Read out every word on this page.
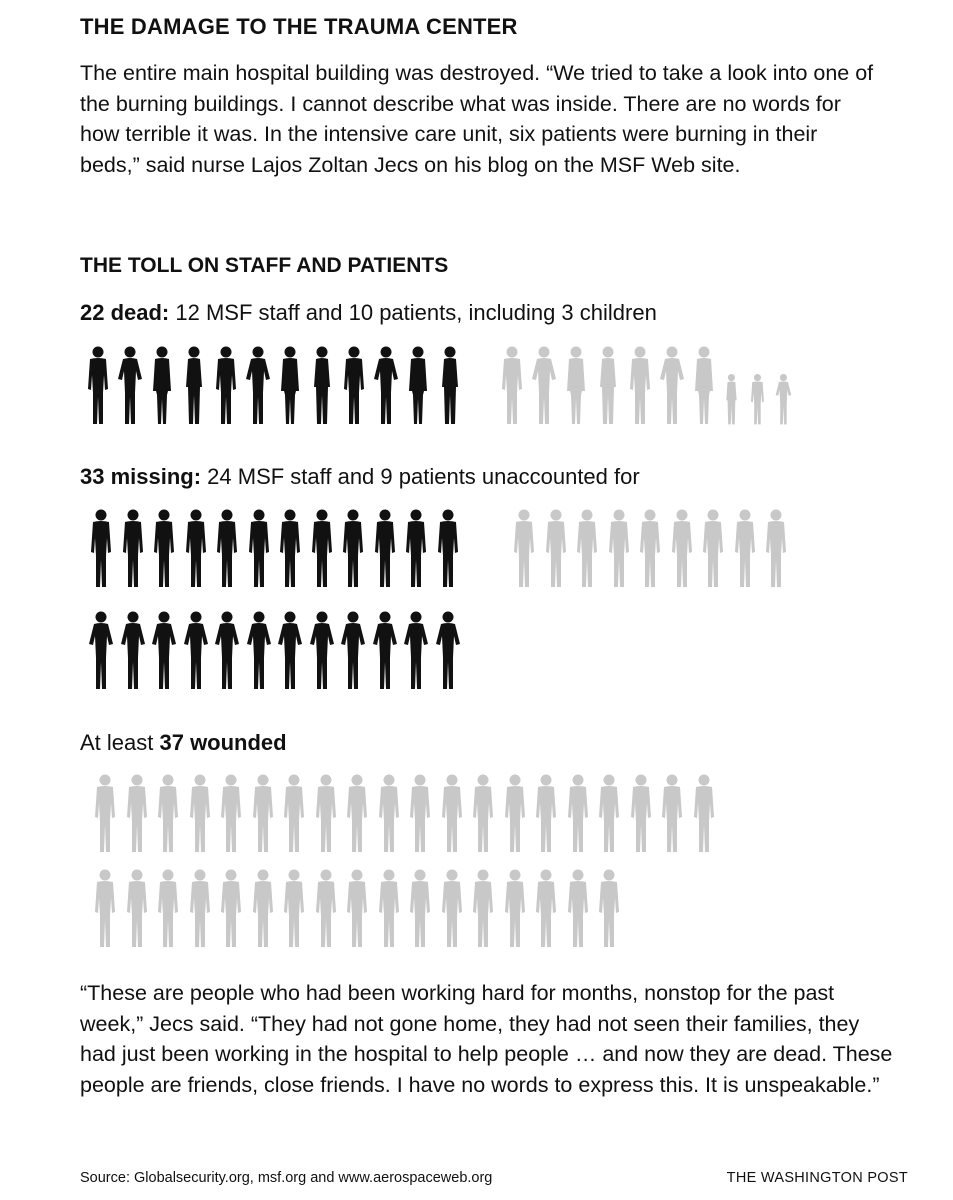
THE DAMAGE TO THE TRAUMA CENTER
The entire main hospital building was destroyed. “We tried to take a look into one of the burning buildings. I cannot describe what was inside. There are no words for how terrible it was. In the intensive care unit, six patients were burning in their beds,” said nurse Lajos Zoltan Jecs on his blog on the MSF Web site.
THE TOLL ON STAFF AND PATIENTS
22 dead: 12 MSF staff and 10 patients, including 3 children
33 missing: 24 MSF staff and 9 patients unaccounted for
At least 37 wounded
“These are people who had been working hard for months, nonstop for the past week,” Jecs said. “They had not gone home, they had not seen their families, they had just been working in the hospital to help people … and now they are dead. These people are friends, close friends. I have no words to express this. It is unspeakable.”
Source: Globalsecurity.org, msf.org and www.aerospaceweb.org	THE WASHINGTON POST
